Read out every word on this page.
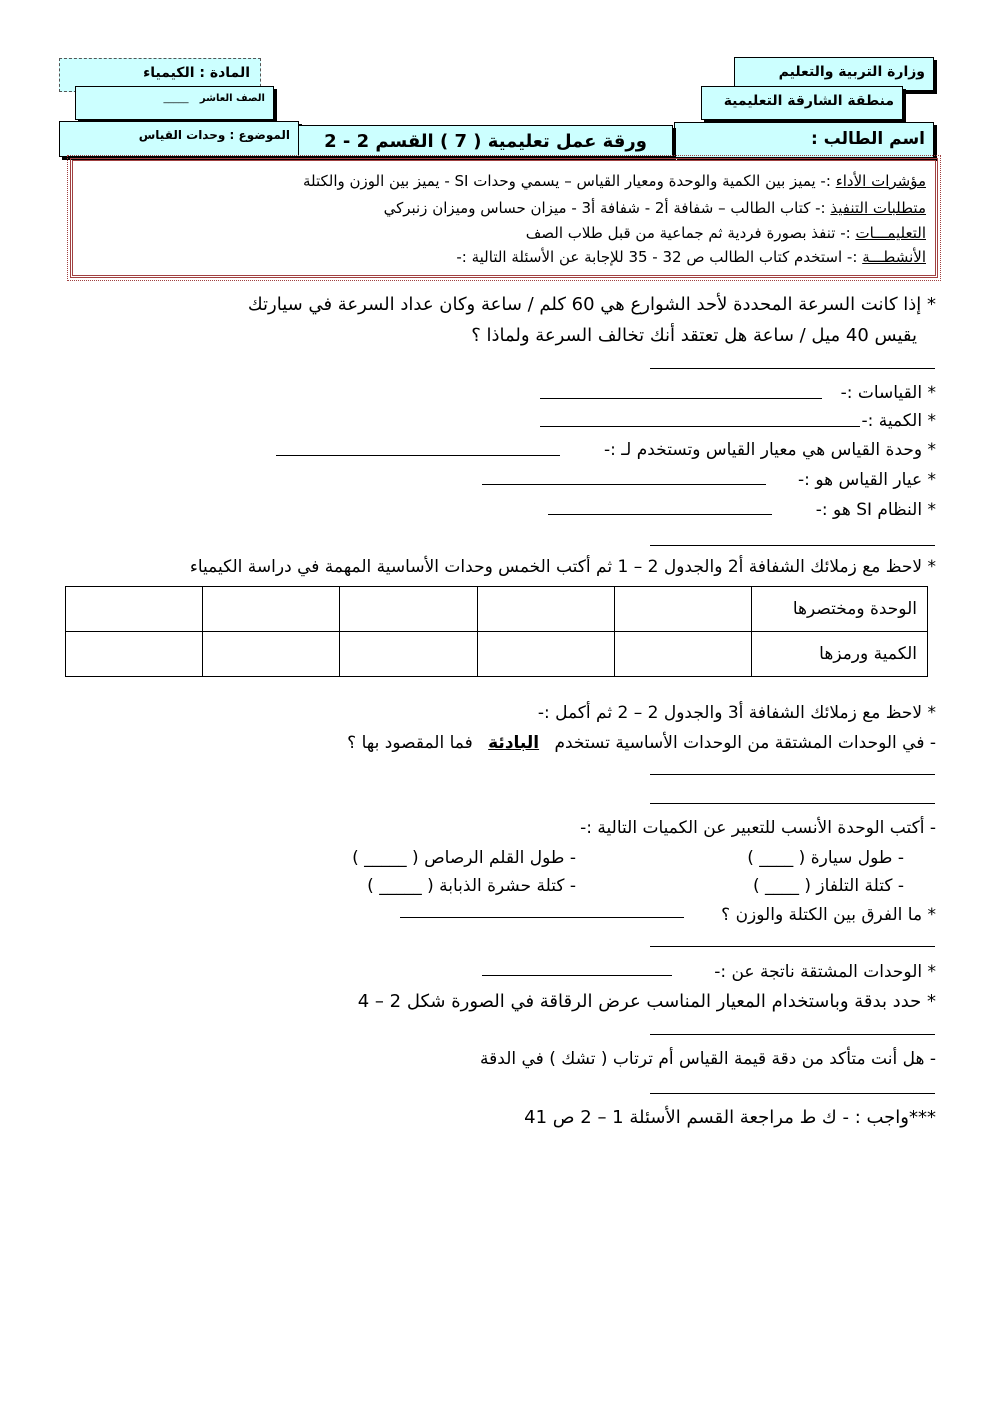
وزارة التربية والتعليم
منطقة الشارقة التعليمية
اسم الطالب :
المادة : الكيمياء
الصف العاشر _____
الموضوع : وحدات القياس	ورقة عمل تعليمية ( 7 ) القسم 2 - 2
مؤشرات الأداء :- يميز بين الكمية والوحدة ومعيار القياس – يسمي وحدات SI - يميز بين الوزن والكتلة
متطلبات التنفيذ :- كتاب الطالب – شفافة أ2 - شفافة أ3 - ميزان حساس وميزان زنبركي
التعليمـــات :- تنفذ بصورة فردية ثم جماعية من قبل طلاب الصف
الأنشطـــة :- استخدم كتاب الطالب ص 32 - 35 للإجابة عن الأسئلة التالية :-
* إذا كانت السرعة المحددة لأحد الشوارع هي 60 كلم / ساعة وكان عداد السرعة في سيارتك
يقيس 40 ميل / ساعة هل تعتقد أنك تخالف السرعة ولماذا ؟
* القياسات :-
* الكمية :-
* وحدة القياس هي معيار القياس وتستخدم لـ :-
* عيار القياس هو :-
* النظام SI هو :-
* لاحظ مع زملائك الشفافة أ2 والجدول 2 – 1 ثم أكتب الخمس وحدات الأساسية المهمة في دراسة الكيمياء
الوحدة ومختصرها					
الكمية ورمزها					
* لاحظ مع زملائك الشفافة أ3 والجدول 2 – 2 ثم أكمل :-
- في الوحدات المشتقة من الوحدات الأساسية تستخدم البادئة فما المقصود بها ؟
- أكتب الوحدة الأنسب للتعبير عن الكميات التالية :-
- طول سيارة ( ____ )
- طول القلم الرصاص ( _____ )
- كتلة التلفاز ( ____ )
- كتلة حشرة الذبابة ( _____ )
* ما الفرق بين الكتلة والوزن ؟
* الوحدات المشتقة ناتجة عن :-
* حدد بدقة وباستخدام المعيار المناسب عرض الرقاقة في الصورة شكل 2 – 4
- هل أنت متأكد من دقة قيمة القياس أم ترتاب ( تشك ) في الدقة
***واجب : - ك ط مراجعة القسم الأسئلة 1 – 2 ص 41
